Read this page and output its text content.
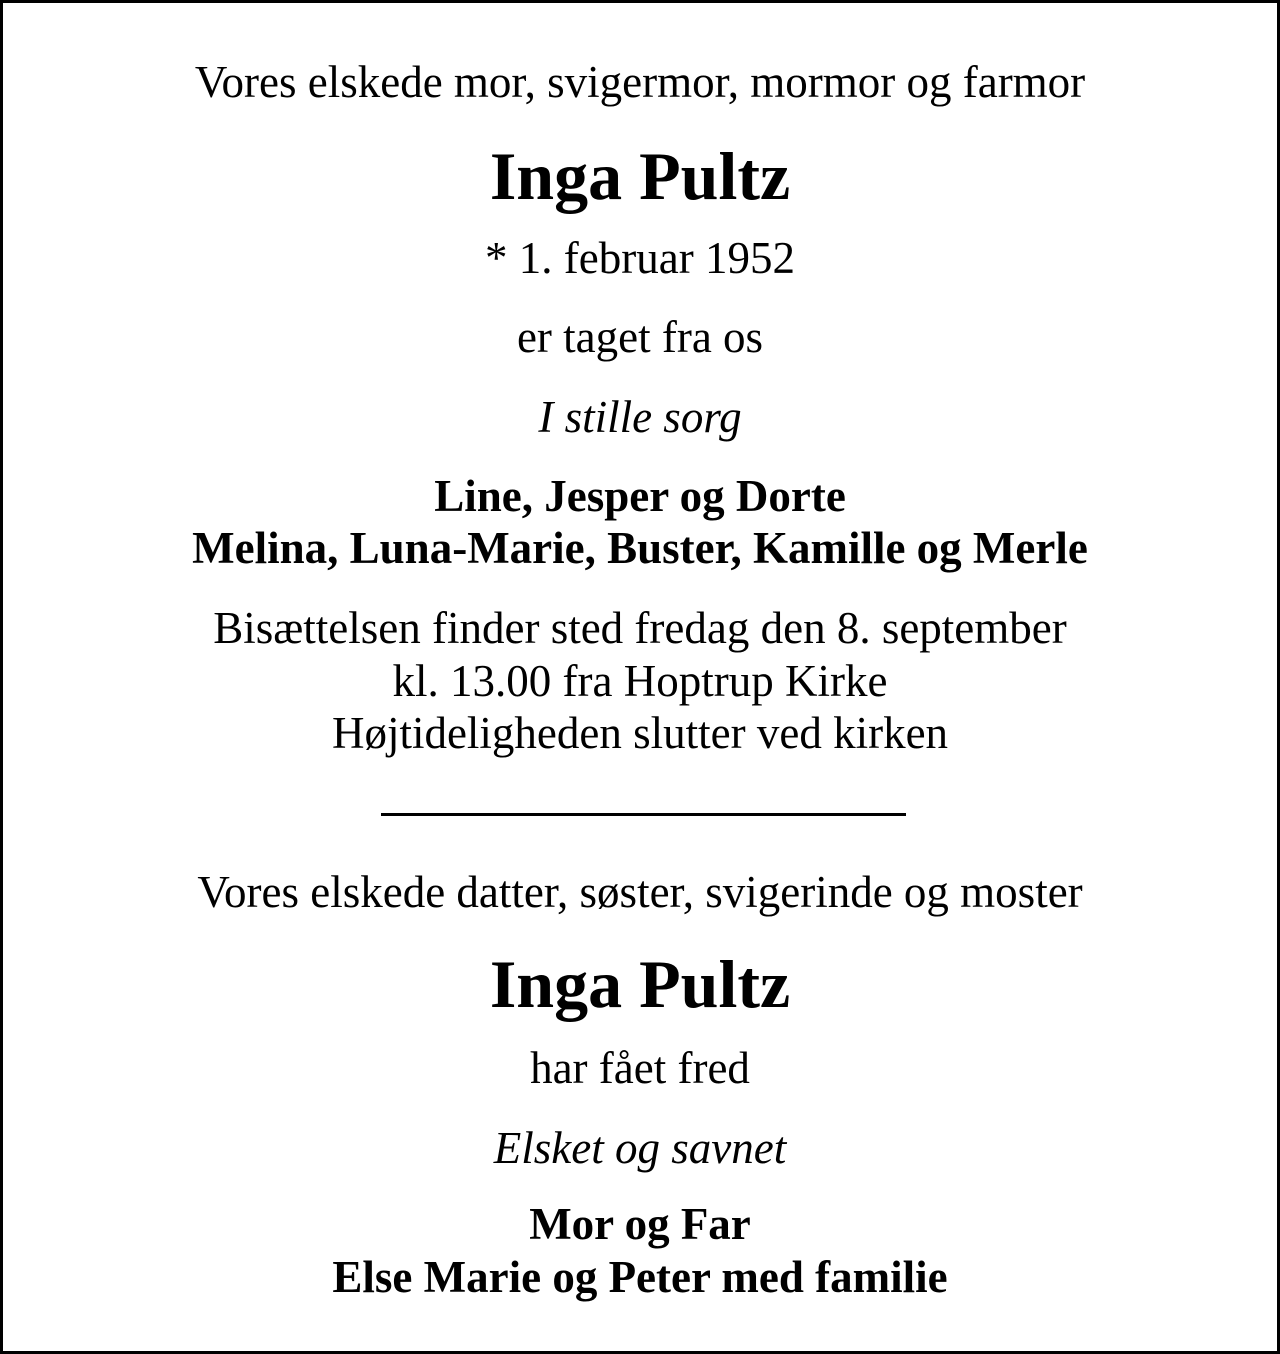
Vores elskede mor, svigermor, mormor og farmor
Inga Pultz
* 1. februar 1952
er taget fra os
I stille sorg
Line, Jesper og Dorte
Melina, Luna-Marie, Buster, Kamille og Merle
Bisættelsen finder sted fredag den 8. september
kl. 13.00 fra Hoptrup Kirke
Højtideligheden slutter ved kirken
Vores elskede datter, søster, svigerinde og moster
Inga Pultz
har fået fred
Elsket og savnet
Mor og Far
Else Marie og Peter med familie
